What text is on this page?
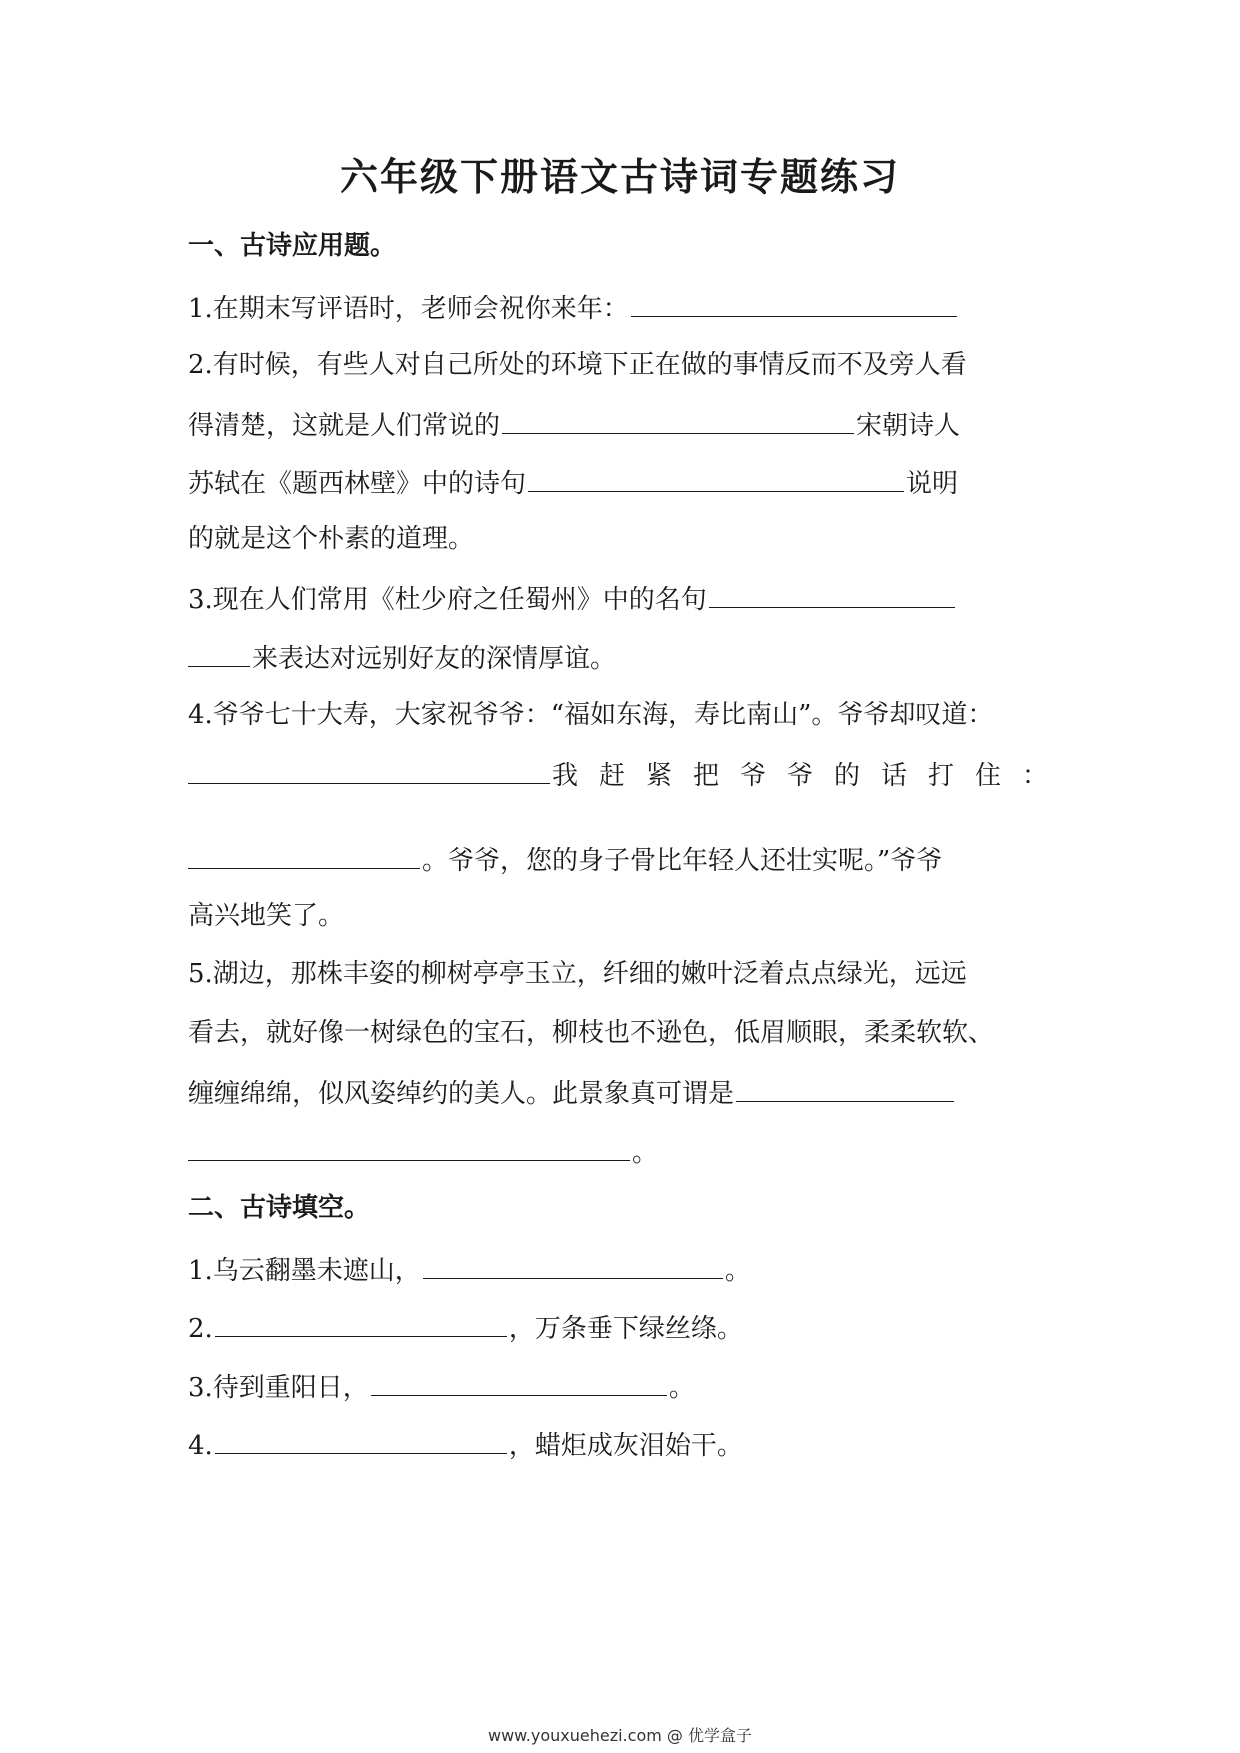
六年级下册语文古诗词专题练习
一、古诗应用题。
1.在期末写评语时，老师会祝你来年：
2.有时候，有些人对自己所处的环境下正在做的事情反而不及旁人看
得清楚，这就是人们常说的	宋朝诗人
苏轼在《题西林壁》中的诗句	说明
的就是这个朴素的道理。
3.现在人们常用《杜少府之任蜀州》中的名句
来表达对远别好友的深情厚谊。
4.爷爷七十大寿，大家祝爷爷：“福如东海，寿比南山”。爷爷却叹道：
我赶紧把爷爷的话打住：
。爷爷，您的身子骨比年轻人还壮实呢。”爷爷
高兴地笑了。
5.湖边，那株丰姿的柳树亭亭玉立，纤细的嫩叶泛着点点绿光，远远
看去，就好像一树绿色的宝石，柳枝也不逊色，低眉顺眼，柔柔软软、
缠缠绵绵，似风姿绰约的美人。此景象真可谓是
。
二、古诗填空。
1.乌云翻墨未遮山，	。
2.	，万条垂下绿丝绦。
3.待到重阳日，	。
4.	，蜡炬成灰泪始干。
www.youxuehezi.com @ 优学盒子
